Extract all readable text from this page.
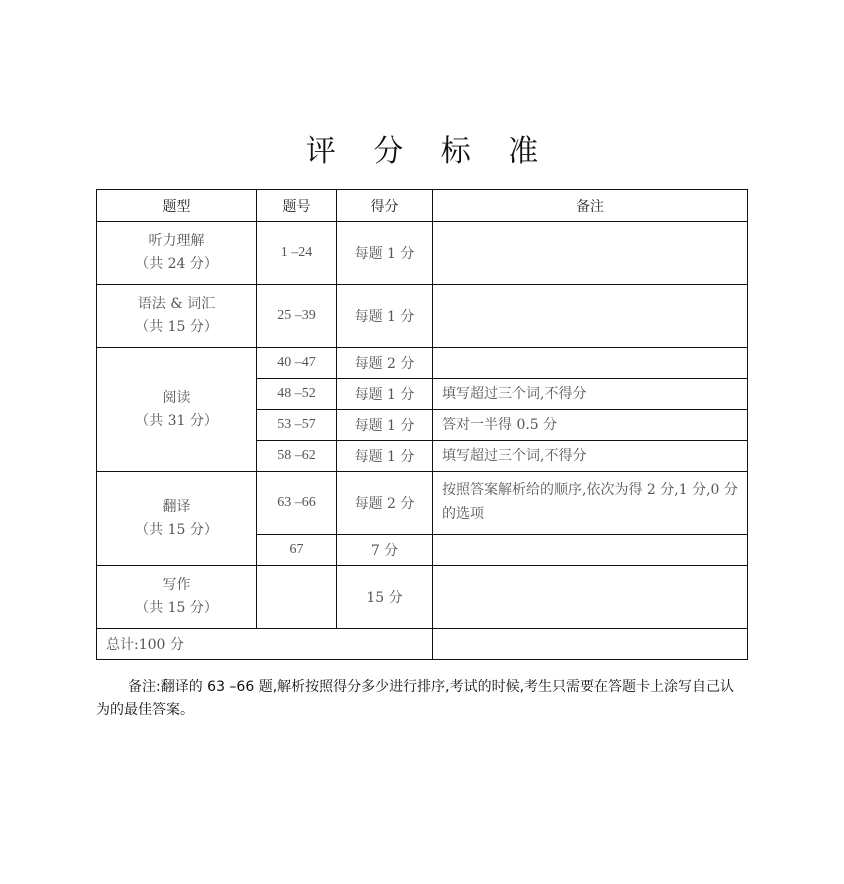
评 分 标 准
题型	题号	得分	备注

听力理解
（共 24 分）	1 –24	每题 1 分	

语法 & 词汇
（共 15 分）	25 –39	每题 1 分	

阅读
（共 31 分）	40 –47	每题 2 分	
	48 –52	每题 1 分	填写超过三个词,不得分
	53 –57	每题 1 分	答对一半得 0.5 分
	58 –62	每题 1 分	填写超过三个词,不得分

翻译
（共 15 分）	63 –66	每题 2 分	按照答案解析给的顺序,依次为得 2 分,1 分,0 分的选项
	67	7 分	

写作
（共 15 分）		15 分	
总计:100 分			
备注:翻译的 63 –66 题,解析按照得分多少进行排序,考试的时候,考生只需要在答题卡上涂写自己认为的最佳答案。
